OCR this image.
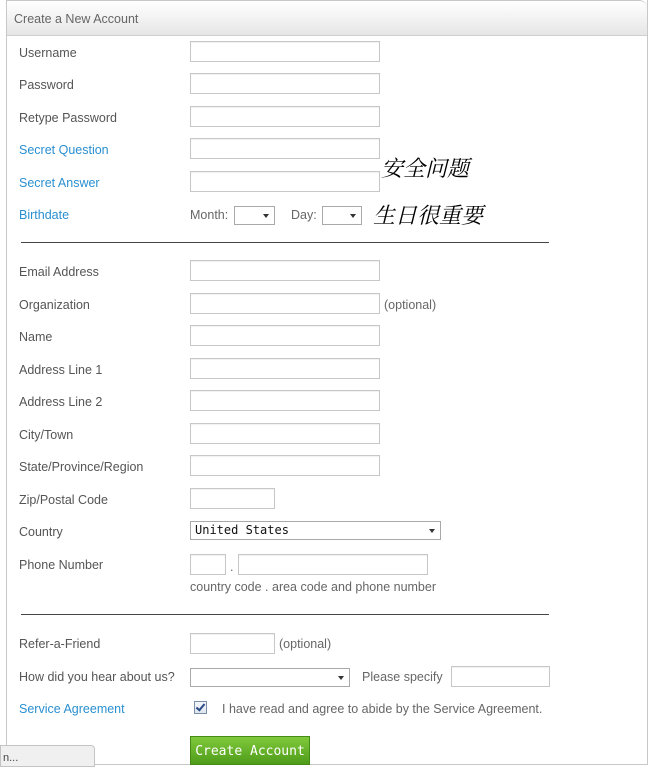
Create a New Account
Username
Password
Retype Password
Secret Question
安全问题
Secret Answer
Birthdate	Month:	Day:	生日很重要
Email Address
Organization	(optional)
Name
Address Line 1
Address Line 2
City/Town
State/Province/Region
Zip/Postal Code
Country	United States
Phone Number	.
country code . area code and phone number
Refer-a-Friend	(optional)
How did you hear about us?	Please specify
Service Agreement	I have read and agree to abide by the Service Agreement.
Create Account
n...
